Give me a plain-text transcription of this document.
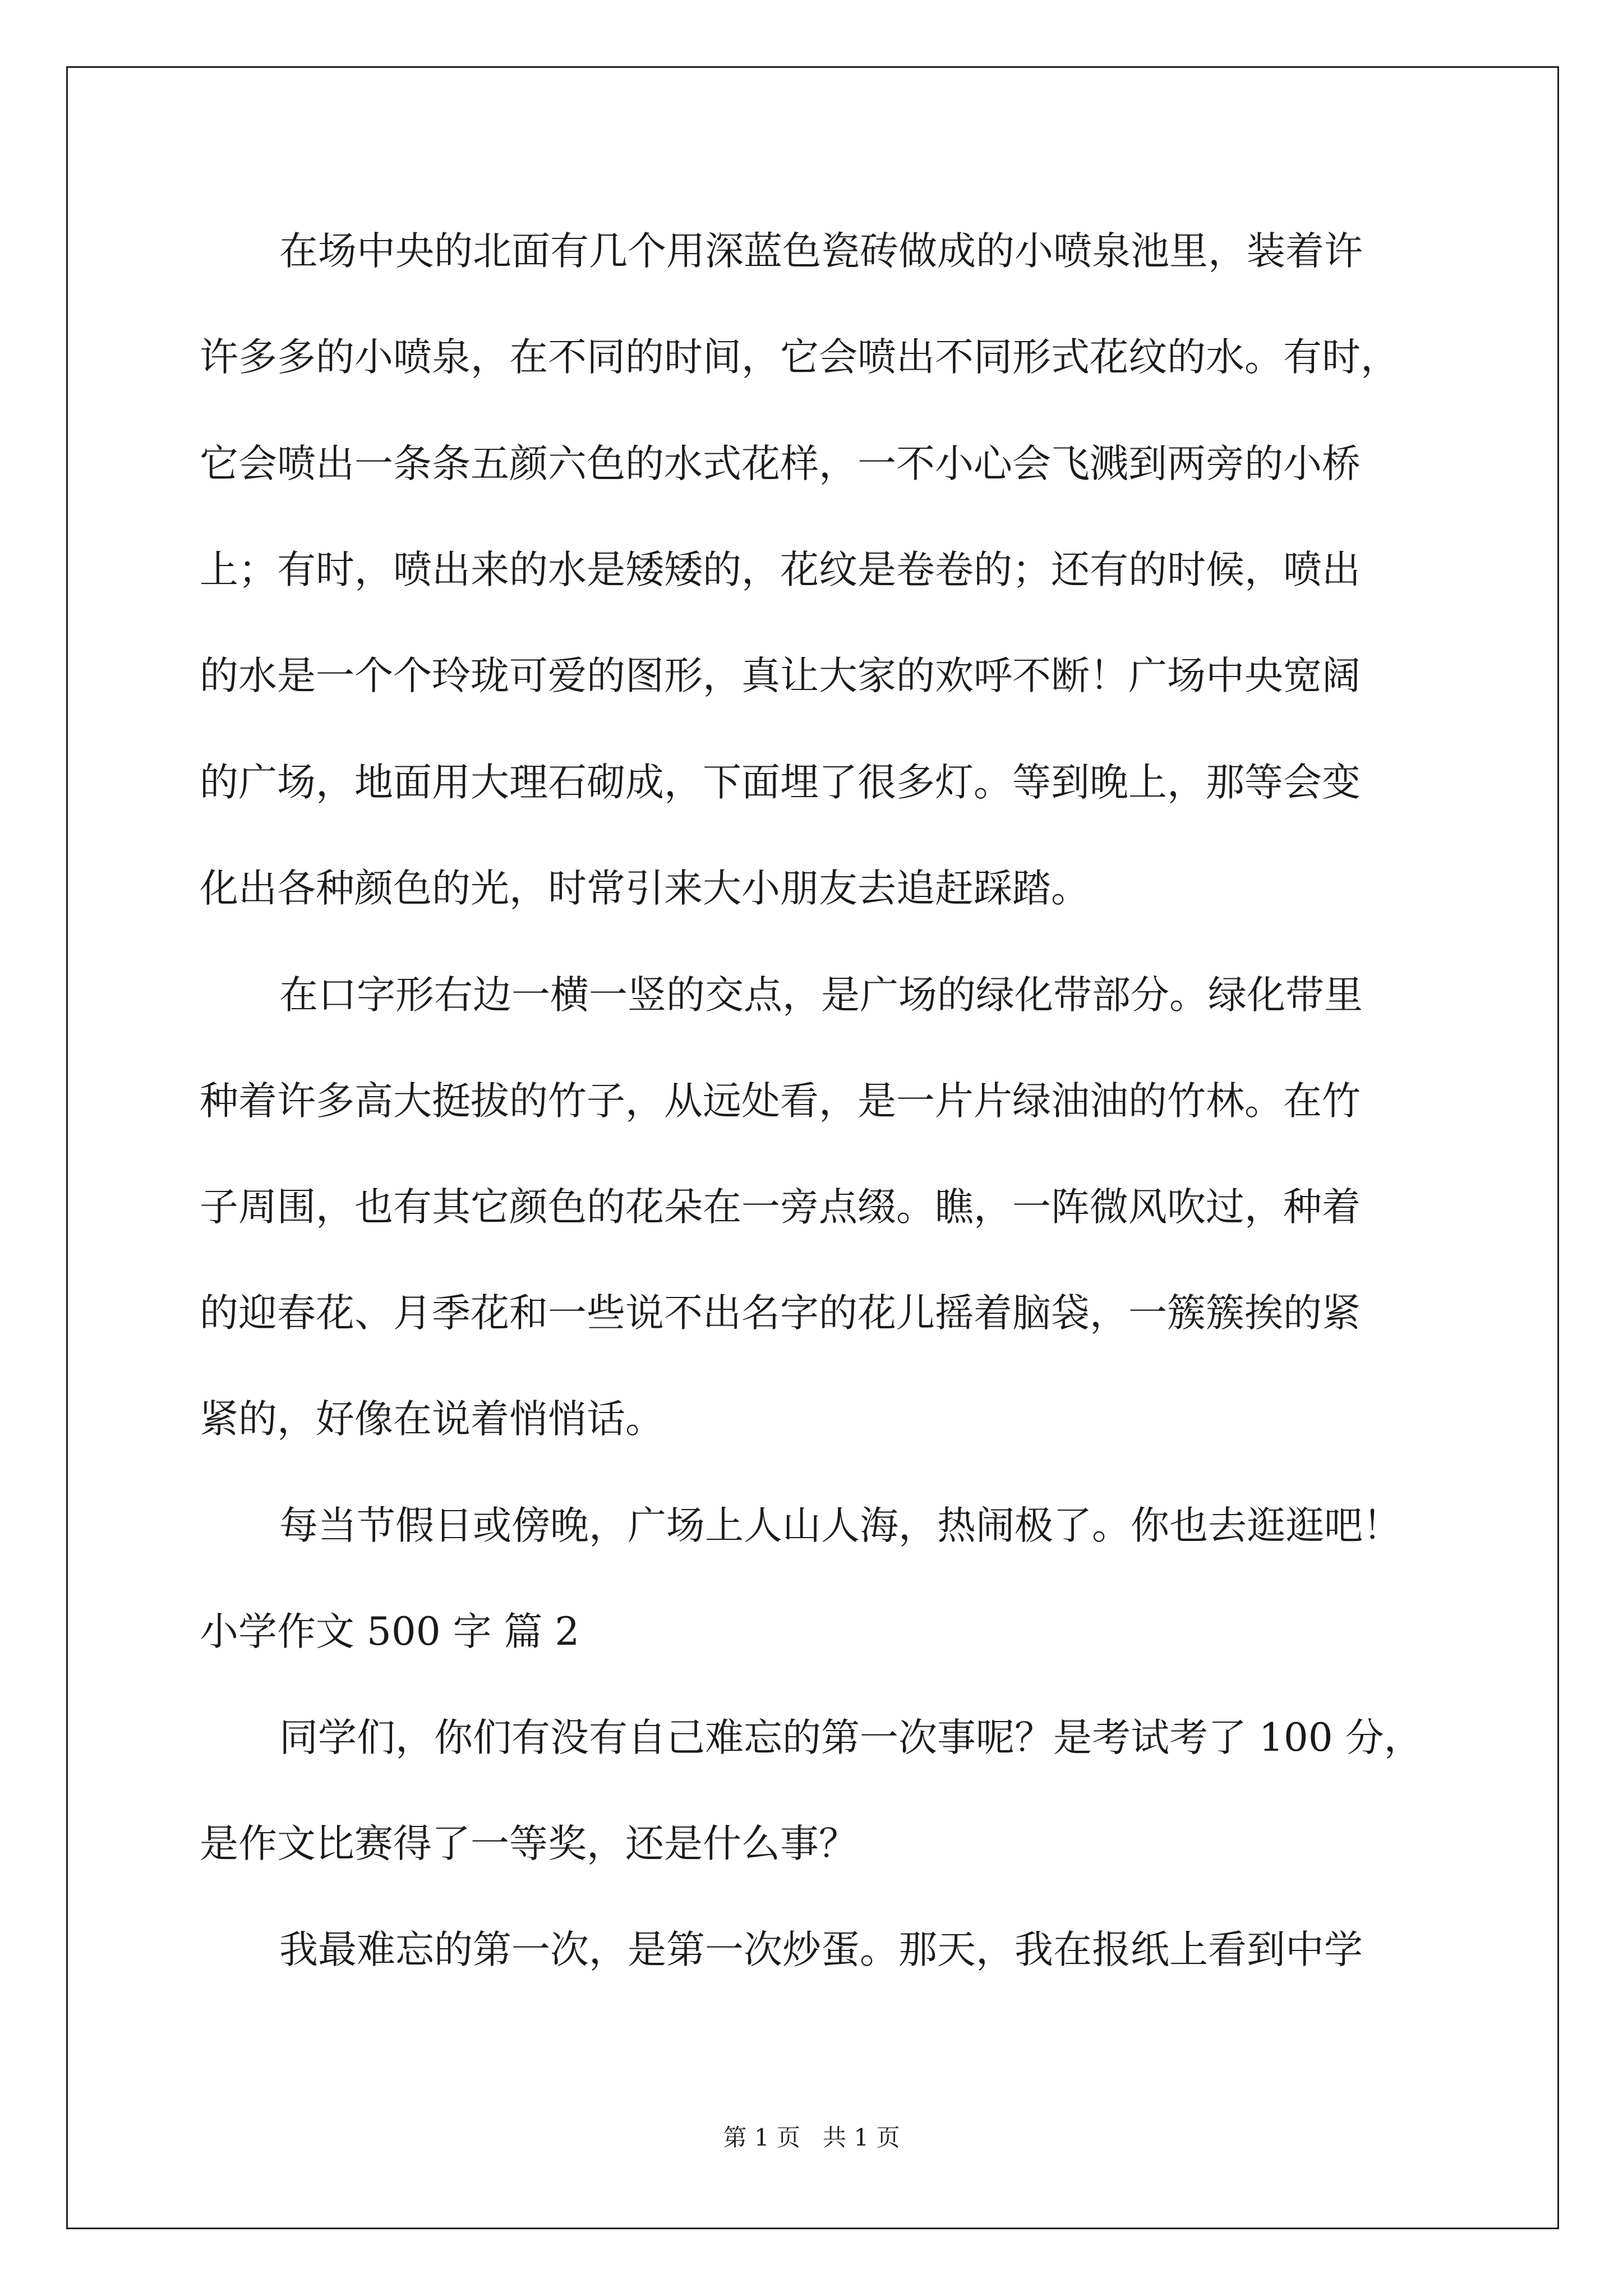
在场中央的北面有几个用深蓝色瓷砖做成的小喷泉池里，装着许
许多多的小喷泉，在不同的时间，它会喷出不同形式花纹的水。有时，
它会喷出一条条五颜六色的水式花样，一不小心会飞溅到两旁的小桥
上；有时，喷出来的水是矮矮的，花纹是卷卷的；还有的时候，喷出
的水是一个个玲珑可爱的图形，真让大家的欢呼不断！广场中央宽阔
的广场，地面用大理石砌成，下面埋了很多灯。等到晚上，那等会变
化出各种颜色的光，时常引来大小朋友去追赶踩踏。
在口字形右边一横一竖的交点，是广场的绿化带部分。绿化带里
种着许多高大挺拔的竹子，从远处看，是一片片绿油油的竹林。在竹
子周围，也有其它颜色的花朵在一旁点缀。瞧，一阵微风吹过，种着
的迎春花、月季花和一些说不出名字的花儿摇着脑袋，一簇簇挨的紧
紧的，好像在说着悄悄话。
每当节假日或傍晚，广场上人山人海，热闹极了。你也去逛逛吧！
小学作文 500 字 篇 2
同学们，你们有没有自己难忘的第一次事呢？是考试考了 100 分，
是作文比赛得了一等奖，还是什么事？
我最难忘的第一次，是第一次炒蛋。那天，我在报纸上看到中学
第 1 页   共 1 页
